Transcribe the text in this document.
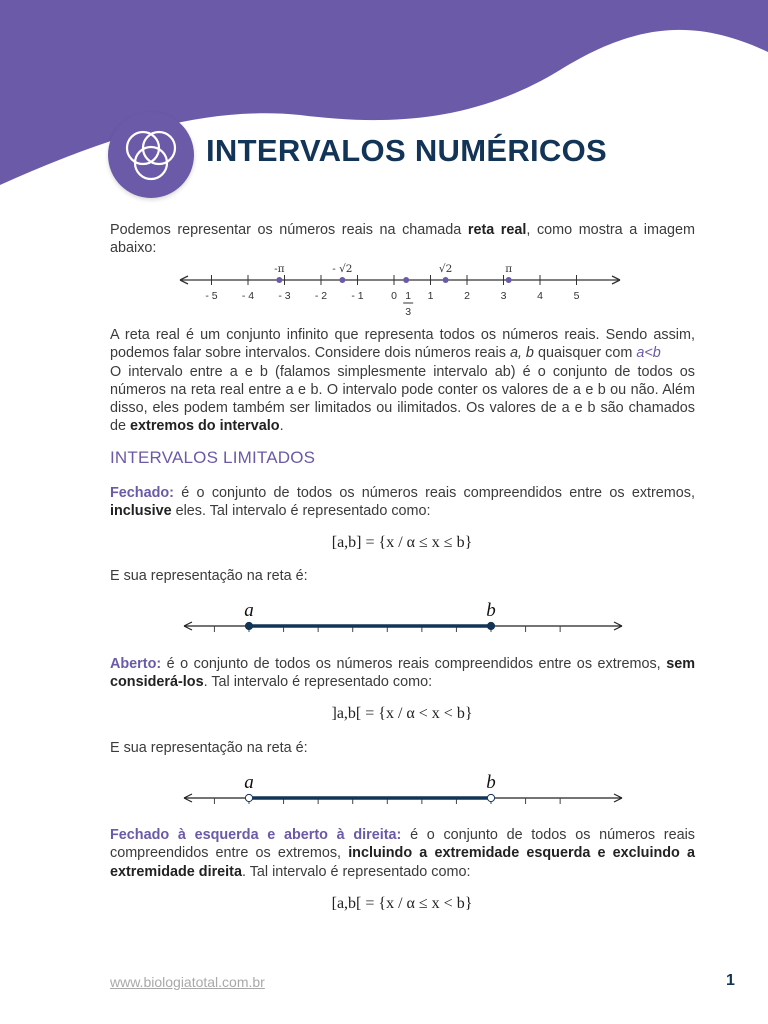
INTERVALOS NUMÉRICOS

Podemos representar os números reais na chamada reta real, como mostra a imagem abaixo:

- 5 - 4 - 3 - 2 - 1	0	1	2	3	4	5
-π	- √2	√2	π
1
3

A reta real é um conjunto infinito que representa todos os números reais. Sendo assim, podemos falar sobre intervalos. Considere dois números reais a, b quaisquer com a<b
O intervalo entre a e b (falamos simplesmente intervalo ab) é o conjunto de todos os números na reta real entre a e b. O intervalo pode conter os valores de a e b ou não. Além disso, eles podem também ser limitados ou ilimitados. Os valores de a e b são chamados de extremos do intervalo.

INTERVALOS LIMITADOS

Fechado: é o conjunto de todos os números reais compreendidos entre os extremos, inclusive eles. Tal intervalo é representado como:

[a,b] = {x / α ≤ x ≤ b}
E sua representação na reta é:
a	b

Aberto: é o conjunto de todos os números reais compreendidos entre os extremos, sem considerá-los. Tal intervalo é representado como:

]a,b[ = {x / α < x < b}
E sua representação na reta é:
a	b

Fechado à esquerda e aberto à direita: é o conjunto de todos os números reais compreendidos entre os extremos, incluindo a extremidade esquerda e excluindo a extremidade direita. Tal intervalo é representado como:

[a,b[ = {x / α ≤ x < b}
www.biologiatotal.com.br	1
